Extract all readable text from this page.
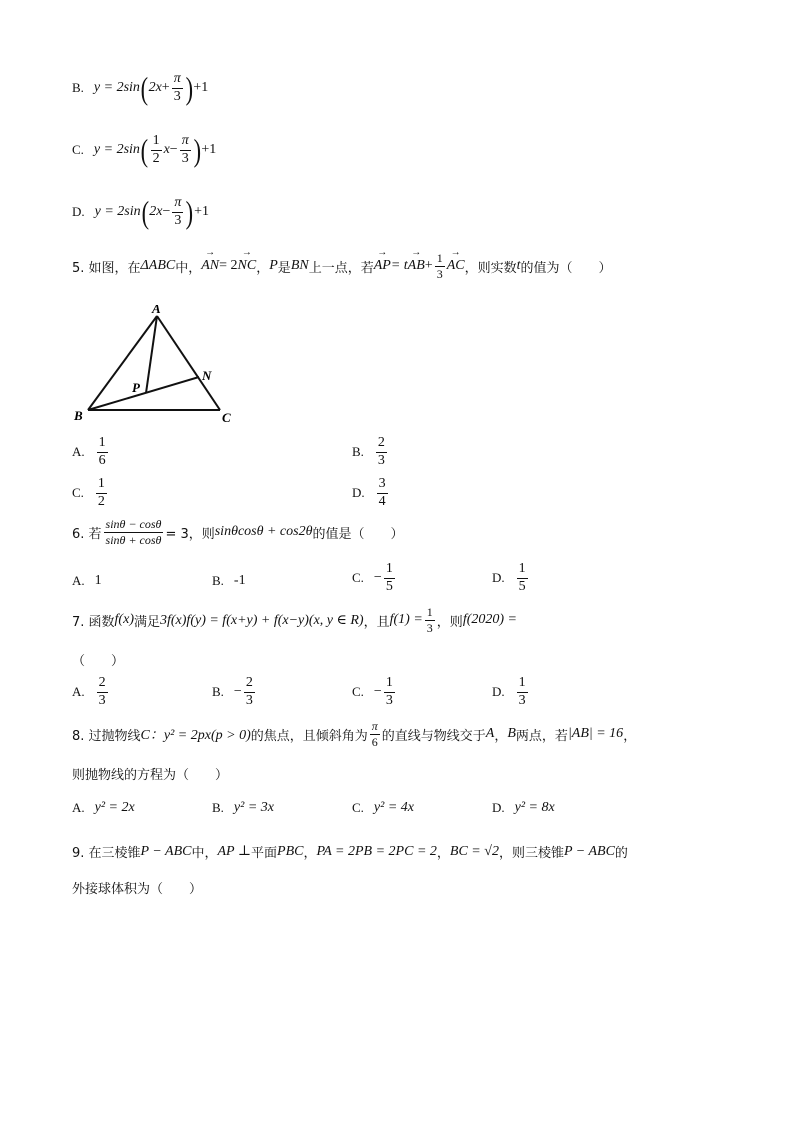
B. y = 2sin ( $2x + \frac{\pi}{3}$ ) +1
C. y = 2sin ( $\frac{1}{2}$ $x - \frac{\pi}{3}$ ) +1
D. y = 2sin ( $2x - \frac{\pi}{3}$ ) +1
5. 如图，在 ΔABC 中， → AN = 2 → NC ， P 是 BN 上一点，若 → AP = t → AB + $\frac{1}{3}$ → AC ，则实数 t 的值为（　　）
A
B	C
N
P
A. $\frac{1}{6}$	B. $\frac{2}{3}$
C. $\frac{1}{2}$	D. $\frac{3}{4}$
6. 若 $\frac{\sin\theta - \cos\theta}{\sin\theta + \cos\theta} = 3$，则 sinθcosθ + cos2θ 的值是（　　）
A. 1	B. -1	C. − $\frac{1}{5}$	D. $\frac{1}{5}$
7. 函数 f(x) 满足 3f(x)f(y) = f(x+y) + f(x−y)(x, y ∈ R) ，且 $f(1) = \frac{1}{3}$ ，则 f(2020) =
（　　）
A. $\frac{2}{3}$	B. − $\frac{2}{3}$	C. − $\frac{1}{3}$	D. $\frac{1}{3}$
8. 过抛物线 C：y² = 2px(p > 0) 的焦点，且倾斜角为 $\frac{\pi}{6}$ 的直线与物线交于 A ， B 两点，若 |AB| = 16 ，
则抛物线的方程为（　　）
A. y² = 2x	B. y² = 3x	C. y² = 4x	D. y² = 8x
9. 在三棱锥 P − ABC 中， AP ⊥ 平面 PBC ， PA = 2PB = 2PC = 2 ， BC = √2 ，则三棱锥 P − ABC 的
外接球体积为（　　）
